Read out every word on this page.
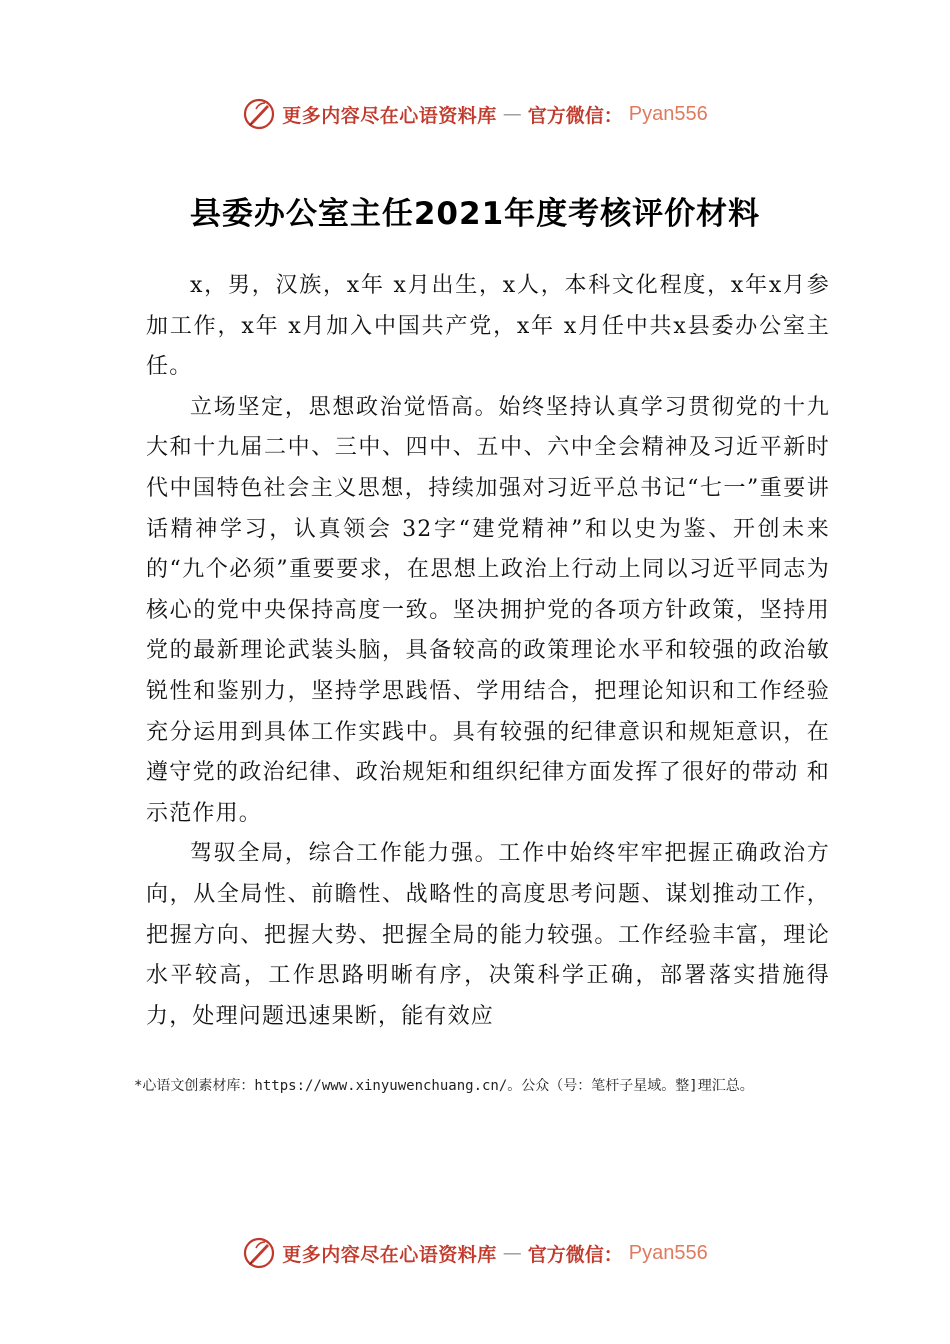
更多内容尽在心语资料库 — 官方微信： Pyan556
县委办公室主任2021年度考核评价材料

x，男，汉族，x年 x月出生，x人，本科文化程度，x年x月参加工作，x年 x月加入中国共产党，x年 x月任中共x县委办公室主任。

立场坚定，思想政治觉悟高。始终坚持认真学习贯彻党的十九大和十九届二中、三中、四中、五中、六中全会精神及习近平新时代中国特色社会主义思想，持续加强对习近平总书记“七一”重要讲话精神学习，认真领会 32字“建党精神”和以史为鉴、开创未来的“九个必须”重要要求，在思想上政治上行动上同以习近平同志为核心的党中央保持高度一致。坚决拥护党的各项方针政策，坚持用党的最新理论武装头脑，具备较高的政策理论水平和较强的政治敏锐性和鉴别力，坚持学思践悟、学用结合，把理论知识和工作经验充分运用到具体工作实践中。具有较强的纪律意识和规矩意识，在遵守党的政治纪律、政治规矩和组织纪律方面发挥了很好的带动 和示范作用。

驾驭全局，综合工作能力强。工作中始终牢牢把握正确政治方向，从全局性、前瞻性、战略性的高度思考问题、谋划推动工作，把握方向、把握大势、把握全局的能力较强。工作经验丰富，理论水平较高，工作思路明晰有序，决策科学正确，部署落实措施得力，处理问题迅速果断，能有效应

*心语文创素材库：https://www.xinyuwenchuang.cn/。公众（号：笔杆子星域。整]理汇总。
更多内容尽在心语资料库 — 官方微信： Pyan556
